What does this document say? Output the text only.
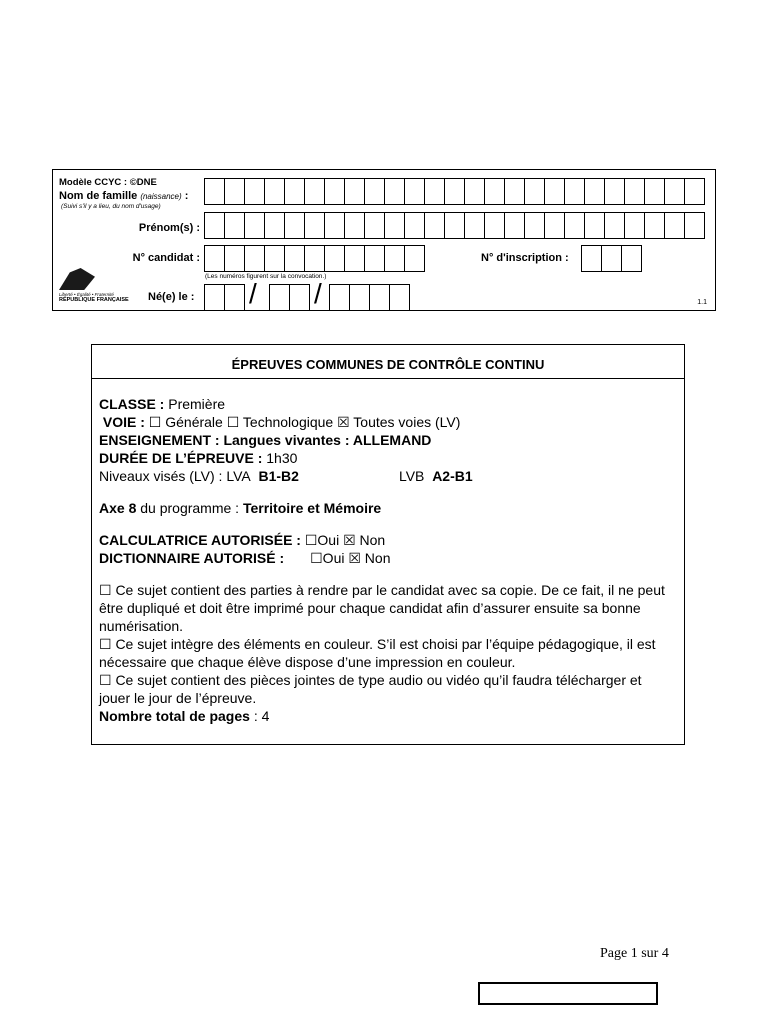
Modèle CCYC : ©DNE
Nom de famille (naissance) :
(Suivi s'il y a lieu, du nom d'usage)
Prénom(s) :
N° candidat :	N° d'inscription :
(Les numéros figurent sur la convocation.)
Liberté • Égalité • Fraternité
RÉPUBLIQUE FRANÇAISE	Né(e) le : / /	1.1
ÉPREUVES COMMUNES DE CONTRÔLE CONTINU

CLASSE : Première

VOIE : ☐ Générale ☐ Technologique ☒ Toutes voies (LV)

ENSEIGNEMENT : Langues vivantes : ALLEMAND

DURÉE DE L’ÉPREUVE : 1h30

Niveaux visés (LV) : LVA B1-B2	LVB A2-B1

Axe 8 du programme : Territoire et Mémoire

CALCULATRICE AUTORISÉE : ☐Oui ☒ Non

DICTIONNAIRE AUTORISÉ : ☐Oui ☒ Non

☐ Ce sujet contient des parties à rendre par le candidat avec sa copie. De ce fait, il ne peut être dupliqué et doit être imprimé pour chaque candidat afin d’assurer ensuite sa bonne numérisation.

☐ Ce sujet intègre des éléments en couleur. S’il est choisi par l’équipe pédagogique, il est nécessaire que chaque élève dispose d’une impression en couleur.

☐ Ce sujet contient des pièces jointes de type audio ou vidéo qu’il faudra télécharger et jouer le jour de l’épreuve.

Nombre total de pages : 4

Page 1 sur 4
